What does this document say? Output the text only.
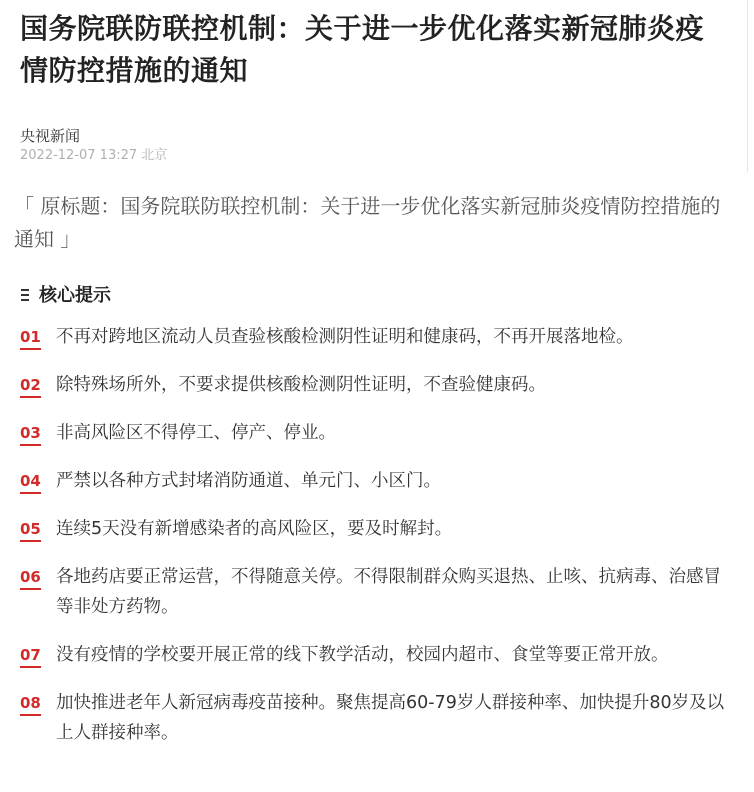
国务院联防联控机制：关于进一步优化落实新冠肺炎疫情防控措施的通知
央视新闻
2022-12-07 13:27 北京
「 原标题：国务院联防联控机制：关于进一步优化落实新冠肺炎疫情防控措施的通知 」
核心提示
01 不再对跨地区流动人员查验核酸检测阴性证明和健康码，不再开展落地检。
02 除特殊场所外，不要求提供核酸检测阴性证明，不查验健康码。
03 非高风险区不得停工、停产、停业。
04 严禁以各种方式封堵消防通道、单元门、小区门。
05 连续5天没有新增感染者的高风险区，要及时解封。
06 各地药店要正常运营，不得随意关停。不得限制群众购买退热、止咳、抗病毒、治感冒等非处方药物。
07 没有疫情的学校要开展正常的线下教学活动，校园内超市、食堂等要正常开放。
08 加快推进老年人新冠病毒疫苗接种。聚焦提高60-79岁人群接种率、加快提升80岁及以上人群接种率。
